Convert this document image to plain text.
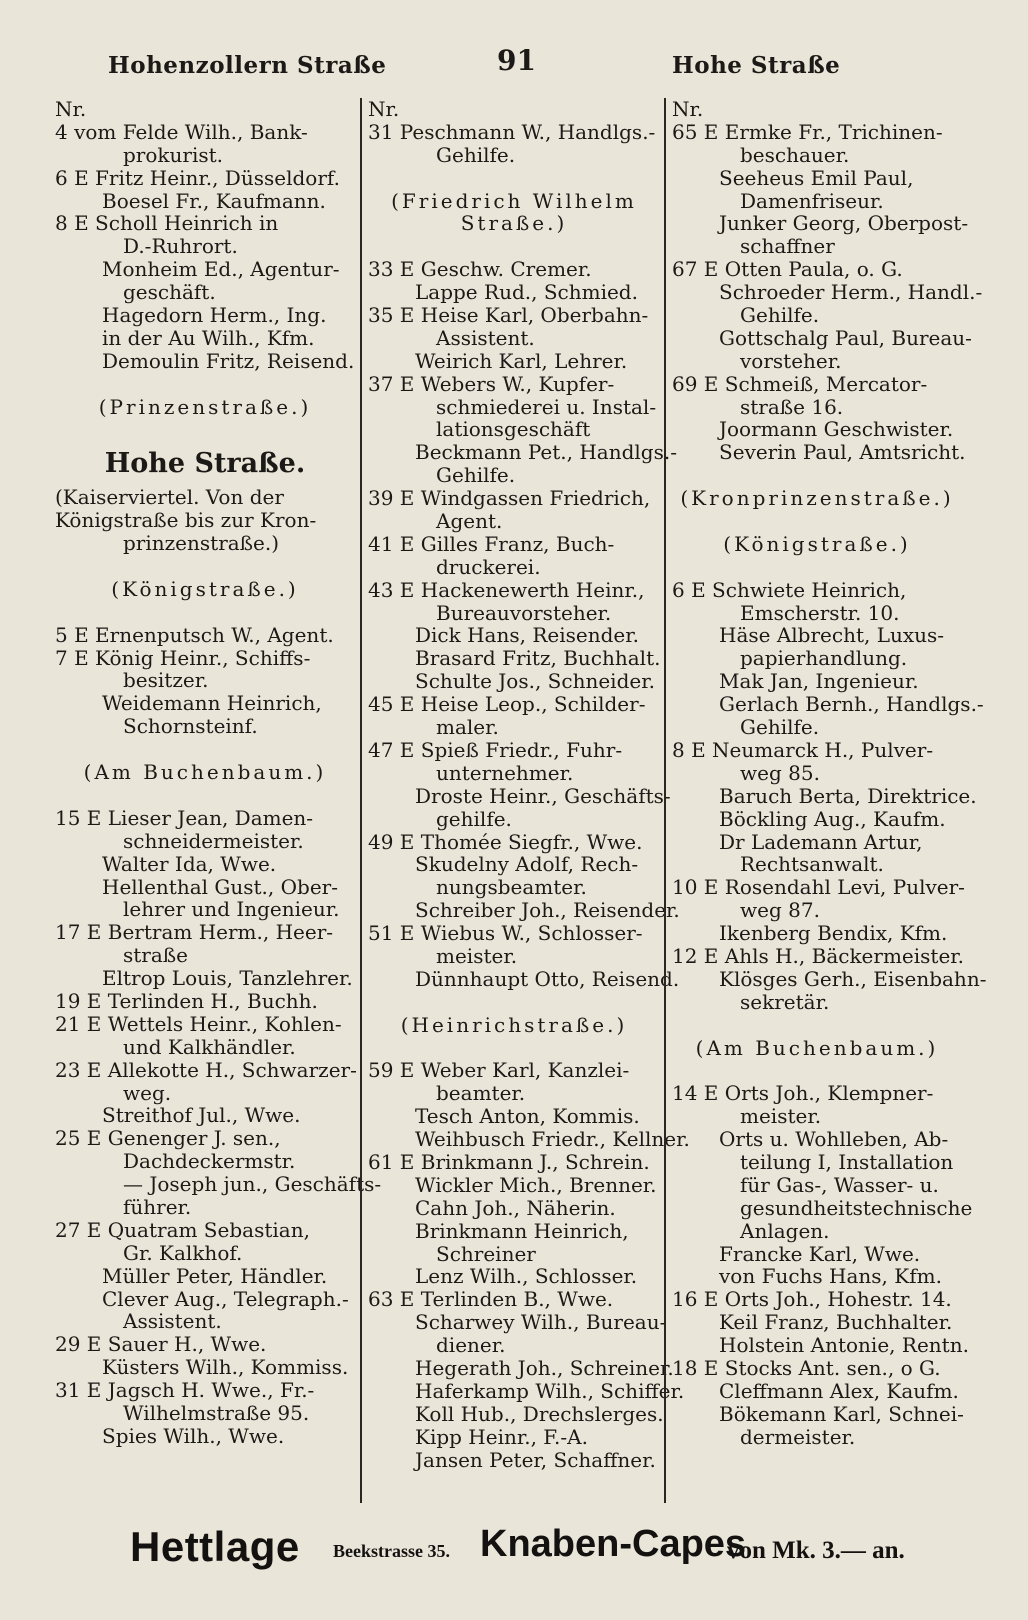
Hohenzollern Straße	91	Hohe Straße
Nr.
4 vom Felde Wilh., Bank-
prokurist.
6 E Fritz Heinr., Düsseldorf.
Boesel Fr., Kaufmann.
8 E Scholl Heinrich in
D.-Ruhrort.
Monheim Ed., Agentur-
geschäft.
Hagedorn Herm., Ing.
in der Au Wilh., Kfm.
Demoulin Fritz, Reisend.
(Prinzenstraße.)
Hohe Straße.
(Kaiserviertel. Von der
Königstraße bis zur Kron-
prinzenstraße.)
(Königstraße.)
5 E Ernenputsch W., Agent.
7 E König Heinr., Schiffs-
besitzer.
Weidemann Heinrich,
Schornsteinf.
(Am Buchenbaum.)
15 E Lieser Jean, Damen-
schneidermeister.
Walter Ida, Wwe.
Hellenthal Gust., Ober-
lehrer und Ingenieur.
17 E Bertram Herm., Heer-
straße
Eltrop Louis, Tanzlehrer.
19 E Terlinden H., Buchh.
21 E Wettels Heinr., Kohlen-
und Kalkhändler.
23 E Allekotte H., Schwarzer-
weg.
Streithof Jul., Wwe.
25 E Genenger J. sen.,
Dachdeckermstr.
— Joseph jun., Geschäfts-
führer.
27 E Quatram Sebastian,
Gr. Kalkhof.
Müller Peter, Händler.
Clever Aug., Telegraph.-
Assistent.
29 E Sauer H., Wwe.
Küsters Wilh., Kommiss.
31 E Jagsch H. Wwe., Fr.-
Wilhelmstraße 95.
Spies Wilh., Wwe.
Nr.
31 Peschmann W., Handlgs.-
Gehilfe.
(Friedrich Wilhelm
Straße.)
33 E Geschw. Cremer.
Lappe Rud., Schmied.
35 E Heise Karl, Oberbahn-
Assistent.
Weirich Karl, Lehrer.
37 E Webers W., Kupfer-
schmiederei u. Instal-
lationsgeschäft
Beckmann Pet., Handlgs.-
Gehilfe.
39 E Windgassen Friedrich,
Agent.
41 E Gilles Franz, Buch-
druckerei.
43 E Hackenewerth Heinr.,
Bureauvorsteher.
Dick Hans, Reisender.
Brasard Fritz, Buchhalt.
Schulte Jos., Schneider.
45 E Heise Leop., Schilder-
maler.
47 E Spieß Friedr., Fuhr-
unternehmer.
Droste Heinr., Geschäfts-
gehilfe.
49 E Thomée Siegfr., Wwe.
Skudelny Adolf, Rech-
nungsbeamter.
Schreiber Joh., Reisender.
51 E Wiebus W., Schlosser-
meister.
Dünnhaupt Otto, Reisend.
(Heinrichstraße.)
59 E Weber Karl, Kanzlei-
beamter.
Tesch Anton, Kommis.
Weihbusch Friedr., Kellner.
61 E Brinkmann J., Schrein.
Wickler Mich., Brenner.
Cahn Joh., Näherin.
Brinkmann Heinrich,
Schreiner
Lenz Wilh., Schlosser.
63 E Terlinden B., Wwe.
Scharwey Wilh., Bureau-
diener.
Hegerath Joh., Schreiner.
Haferkamp Wilh., Schiffer.
Koll Hub., Drechslerges.
Kipp Heinr., F.-A.
Jansen Peter, Schaffner.
Nr.
65 E Ermke Fr., Trichinen-
beschauer.
Seeheus Emil Paul,
Damenfriseur.
Junker Georg, Oberpost-
schaffner
67 E Otten Paula, o. G.
Schroeder Herm., Handl.-
Gehilfe.
Gottschalg Paul, Bureau-
vorsteher.
69 E Schmeiß, Mercator-
straße 16.
Joormann Geschwister.
Severin Paul, Amtsricht.
(Kronprinzenstraße.)
(Königstraße.)
6 E Schwiete Heinrich,
Emscherstr. 10.
Häse Albrecht, Luxus-
papierhandlung.
Mak Jan, Ingenieur.
Gerlach Bernh., Handlgs.-
Gehilfe.
8 E Neumarck H., Pulver-
weg 85.
Baruch Berta, Direktrice.
Böckling Aug., Kaufm.
Dr Lademann Artur,
Rechtsanwalt.
10 E Rosendahl Levi, Pulver-
weg 87.
Ikenberg Bendix, Kfm.
12 E Ahls H., Bäckermeister.
Klösges Gerh., Eisenbahn-
sekretär.
(Am Buchenbaum.)
14 E Orts Joh., Klempner-
meister.
Orts u. Wohlleben, Ab-
teilung I, Installation
für Gas-, Wasser- u.
gesundheitstechnische
Anlagen.
Francke Karl, Wwe.
von Fuchs Hans, Kfm.
16 E Orts Joh., Hohestr. 14.
Keil Franz, Buchhalter.
Holstein Antonie, Rentn.
18 E Stocks Ant. sen., o G.
Cleffmann Alex, Kaufm.
Bökemann Karl, Schnei-
dermeister.
Hettlage Beekstrasse 35. Knaben-Capes
von Mk. 3.— an.
